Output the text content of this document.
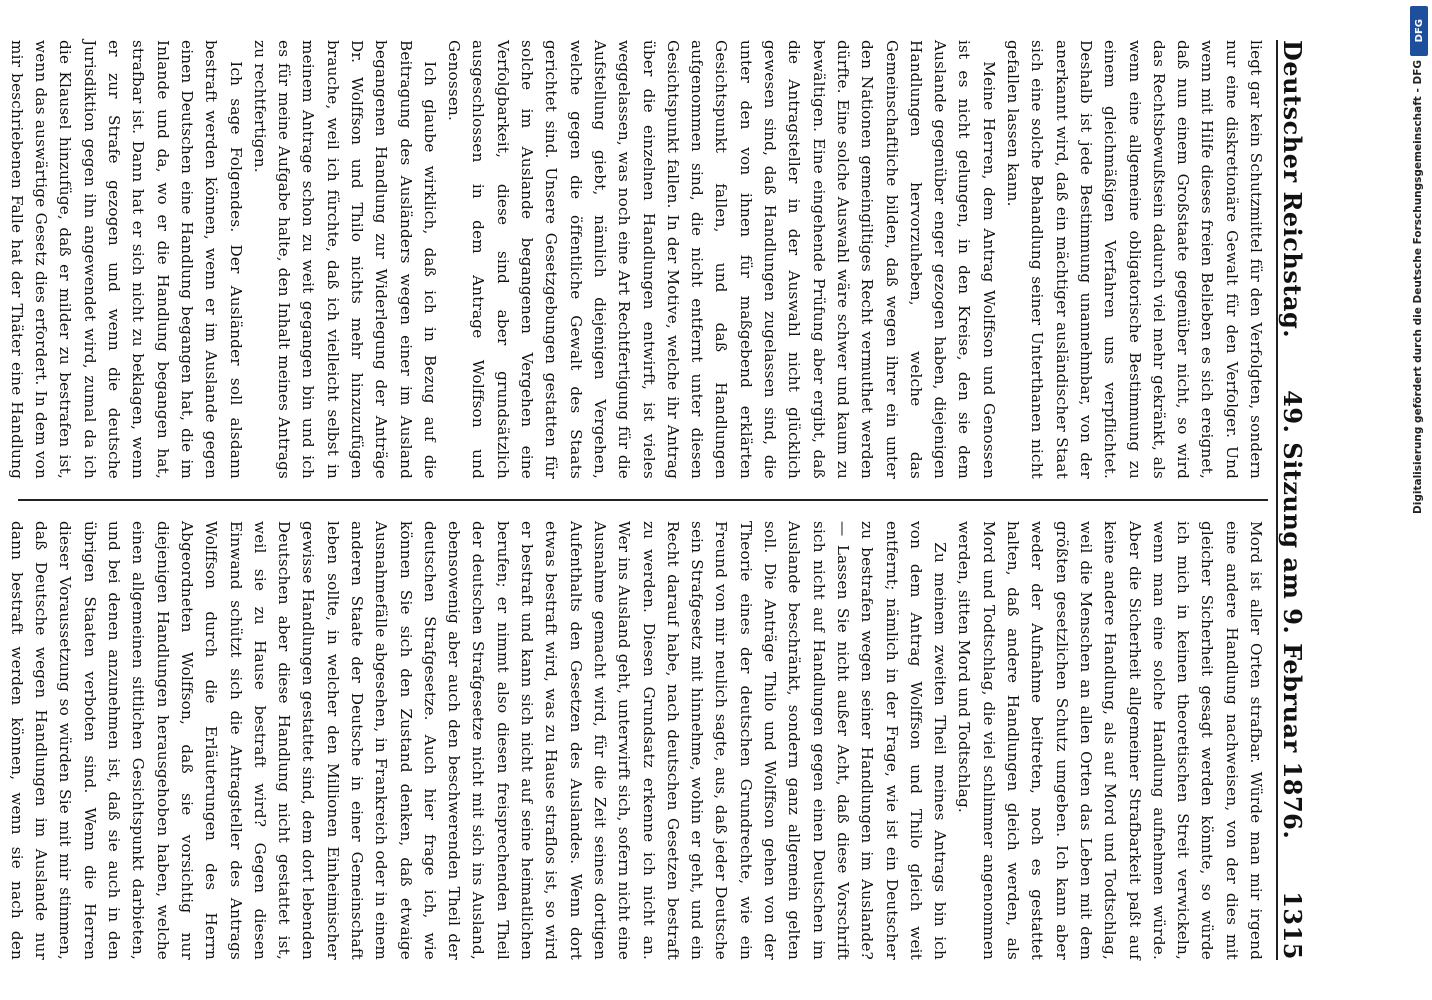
Deutscher Reichstag.
49. Sitzung am 9. Februar 1876.
1315

liegt gar kein Schutzmittel für den Verfolgten, sondern nur eine diskretionäre Gewalt für den Verfolger. Und wenn mit Hilfe dieses freien Belieben es sich ereignet, daß nun einem Großstaate gegenüber nicht, so wird das Rechtsbewußtsein dadurch viel mehr gekränkt, als wenn eine allgemeine obligatorische Bestimmung zu einem gleichmäßigen Verfahren uns verpflichtet. Deshalb ist jede Bestimmung unannehmbar, von der anerkannt wird, daß ein mächtiger ausländischer Staat sich eine solche Behandlung seiner Unterthanen nicht gefallen lassen kann.

Meine Herren, dem Antrag Wolffson und Genossen ist es nicht gelungen, in den Kreise, den sie dem Auslande gegenüber enger gezogen haben, diejenigen Handlungen hervorzuheben, welche das Gemeinschaftliche bilden, daß wegen ihrer ein unter den Nationen gemeingiltiges Recht vermuthet werden dürfte. Eine solche Auswahl wäre schwer und kaum zu bewältigen. Eine eingehende Prüfung aber ergibt, daß die Antragsteller in der Auswahl nicht glücklich gewesen sind, daß Handlungen zugelassen sind, die unter den von ihnen für maßgebend erklärten Gesichtspunkt fallen, und daß Handlungen aufgenommen sind, die nicht entfernt unter diesen Gesichtspunkt fallen. In der Motive, welche ihr Antrag über die einzelnen Handlungen entwirft, ist vieles weggelassen, was noch eine Art Rechtfertigung für die Aufstellung giebt, nämlich diejenigen Vergehen, welche gegen die öffentliche Gewalt des Staats gerichtet sind. Unsere Gesetzgebungen gestatten für solche im Auslande begangenen Vergehen eine Verfolgbarkeit, diese sind aber grundsätzlich ausgeschlossen in dem Antrage Wolffson und Genossen.

Ich glaube wirklich, daß ich in Bezug auf die Beitragung des Ausländers wegen einer im Ausland begangenen Handlung zur Widerlegung der Anträge Dr. Wolffson und Thilo nichts mehr hinzuzufügen brauche, weil ich fürchte, daß ich vielleicht selbst in meinem Antrage schon zu weit gegangen bin und ich es für meine Aufgabe halte, den Inhalt meines Antrags zu rechtfertigen.

Ich sage Folgendes. Der Ausländer soll alsdann bestraft werden können, wenn er im Auslande gegen einen Deutschen eine Handlung begangen hat, die im Inlande und da, wo er die Handlung begangen hat, strafbar ist. Dann hat er sich nicht zu beklagen, wenn er zur Strafe gezogen und wenn die deutsche Jurisdiktion gegen ihn angewendet wird, zumal da ich die Klausel hinzufüge, daß er milder zu bestrafen ist, wenn das auswärtige Gesetz dies erfordert. In dem von mir beschriebenen Falle hat der Thäter eine Handlung

Mord ist aller Orten strafbar. Würde man mir irgend eine andere Handlung nachweisen, von der dies mit gleicher Sicherheit gesagt werden könnte, so würde ich mich in keinen theoretischen Streit verwickeln, wenn man eine solche Handlung aufnehmen würde. Aber die Sicherheit allgemeiner Strafbarkeit paßt auf keine andere Handlung, als auf Mord und Todtschlag, weil die Menschen an allen Orten das Leben mit dem größten gesetzlichen Schutz umgeben. Ich kann aber weder der Aufnahme beitreten, noch es gestattet halten, daß andere Handlungen gleich werden, als Mord und Todtschlag, die viel schlimmer angenommen werden, sitten Mord und Todtschlag.

Zu meinem zweiten Theil meines Antrags bin ich von dem Antrag Wolffson und Thilo gleich weit entfernt; nämlich in der Frage, wie ist ein Deutscher zu bestrafen wegen seiner Handlungen im Auslande? — Lassen Sie nicht außer Acht, daß diese Vorschrift sich nicht auf Handlungen gegen einen Deutschen im Auslande beschränkt, sondern ganz allgemein gelten soll. Die Anträge Thilo und Wolffson gehen von der Theorie eines der deutschen Grundrechte, wie ein Freund von mir neulich sagte, aus, daß jeder Deutsche sein Strafgesetz mit hinnehme, wohin er geht, und ein Recht darauf habe, nach deutschen Gesetzen bestraft zu werden. Diesen Grundsatz erkenne ich nicht an. Wer ins Ausland geht, unterwirft sich, sofern nicht eine Ausnahme gemacht wird, für die Zeit seines dortigen Aufenthalts den Gesetzen des Auslandes. Wenn dort etwas bestraft wird, was zu Hause straflos ist, so wird er bestraft und kann sich nicht auf seine heimatlichen berufen; er nimmt also diesen freisprechenden Theil der deutschen Strafgesetze nicht mit sich ins Ausland, ebensowenig aber auch den beschwerenden Theil der deutschen Strafgesetze. Auch hier frage ich, wie können Sie sich den Zustand denken, daß etwaige Ausnahmefälle abgesehen, in Frankreich oder in einem anderen Staate der Deutsche in einer Gemeinschaft leben sollte, in welcher den Millionen Einheimischer gewisse Handlungen gestattet sind, dem dort lebenden Deutschen aber diese Handlung nicht gestattet ist, weil sie zu Hause bestraft wird? Gegen diesen Einwand schützt sich die Antragsteller des Antrags Wolffson durch die Erläuterungen des Herrn Abgeordneten Wolffson, daß sie vorsichtig nur diejenigen Handlungen herausgehoben haben, welche einen allgemeinen sittlichen Gesichtspunkt darbieten, und bei denen anzunehmen ist, daß sie auch in den übrigen Staaten verboten sind. Wenn die Herren dieser Voraussetzung so würden Sie mit mir stimmen, daß Deutsche wegen Handlungen im Auslande nur dann bestraft werden können, wenn sie nach den

DFG
Digitalisierung gefördert durch die Deutsche Forschungsgemeinschaft - DFG
